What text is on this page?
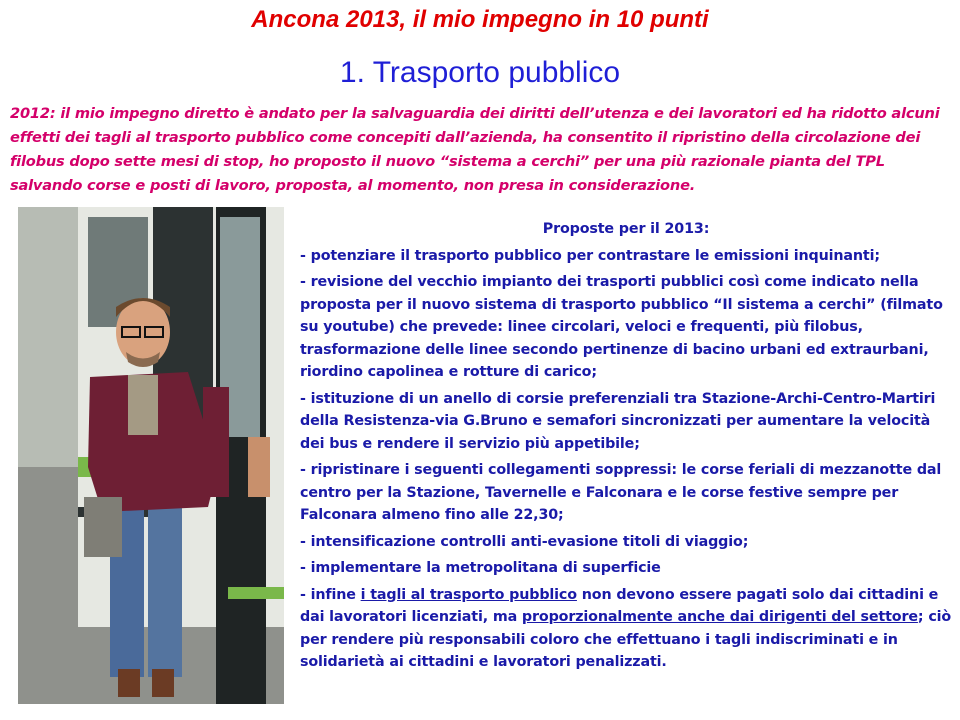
Ancona 2013, il mio impegno in 10 punti
1. Trasporto pubblico
2012: il mio impegno diretto è andato per la salvaguardia dei diritti dell’utenza e dei lavoratori ed ha ridotto alcuni effetti dei tagli al trasporto pubblico come concepiti dall’azienda, ha consentito il ripristino della circolazione dei filobus dopo sette mesi di stop, ho proposto il nuovo “sistema a cerchi” per una più razionale pianta del TPL salvando corse e posti di lavoro, proposta, al momento, non presa in considerazione.
Proposte per il 2013:
- potenziare il trasporto pubblico per contrastare le emissioni inquinanti;
- revisione del vecchio impianto dei trasporti pubblici così come indicato nella proposta per il nuovo sistema di trasporto pubblico “Il sistema a cerchi” (filmato su youtube) che prevede: linee circolari, veloci e frequenti, più filobus, trasformazione delle linee secondo pertinenze di bacino urbani ed extraurbani, riordino capolinea e rotture di carico;
- istituzione di un anello di corsie preferenziali tra Stazione-Archi-Centro-Martiri della Resistenza-via G.Bruno e semafori sincronizzati per aumentare la velocità dei bus e rendere il servizio più appetibile;
- ripristinare i seguenti collegamenti soppressi: le corse feriali di mezzanotte dal centro per la Stazione, Tavernelle e Falconara e le corse festive sempre per Falconara almeno fino alle 22,30;
- intensificazione controlli anti-evasione titoli di viaggio;
- implementare la metropolitana di superficie
- infine i tagli al trasporto pubblico non devono essere pagati solo dai cittadini e dai lavoratori licenziati, ma proporzionalmente anche dai dirigenti del settore; ciò per rendere più responsabili coloro che effettuano i tagli indiscriminati e in solidarietà ai cittadini e lavoratori penalizzati.
